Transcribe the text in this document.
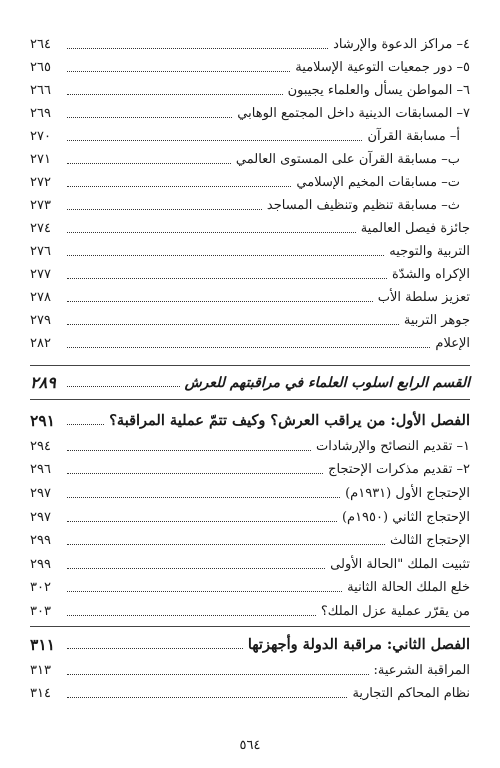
٤– مراكز الدعوة والإرشاد
٢٦٤
٥– دور جمعيات التوعية الإسلامية
٢٦٥
٦– المواطن يسأل والعلماء يجيبون
٢٦٦
٧– المسابقات الدينية داخل المجتمع الوهابي
٢٦٩
أ– مسابقة القرآن
٢٧٠
ب– مسابقة القرآن على المستوى العالمي
٢٧١
ت– مسابقات المخيم الإسلامي
٢٧٢
ث– مسابقة تنظيم وتنظيف المساجد
٢٧٣
جائزة فيصل العالمية
٢٧٤
التربية والتوجيه
٢٧٦
الإكراه والشدّة
٢٧٧
تعزيز سلطة الأب
٢٧٨
جوهر التربية
٢٧٩
الإعلام
٢٨٢
القسم الرابع اسلوب العلماء في مراقبتهم للعرش
٢٨٩
الفصل الأول: من يراقب العرش؟ وكيف تتمّ عملية المراقبة؟
٢٩١
١– تقديم النصائح والإرشادات
٢٩٤
٢– تقديم مذكرات الإحتجاج
٢٩٦
الإحتجاج الأول (١٩٣١م)
٢٩٧
الإحتجاج الثاني (١٩٥٠م)
٢٩٧
الإحتجاج الثالث
٢٩٩
تثبيت الملك "الحالة الأولى
٢٩٩
خلع الملك الحالة الثانية
٣٠٢
من يقرّر عملية عزل الملك؟
٣٠٣
الفصل الثاني: مراقبة الدولة وأجهزتها
٣١١
المراقبة الشرعية:
٣١٣
نظام المحاكم التجارية
٣١٤
٥٦٤
